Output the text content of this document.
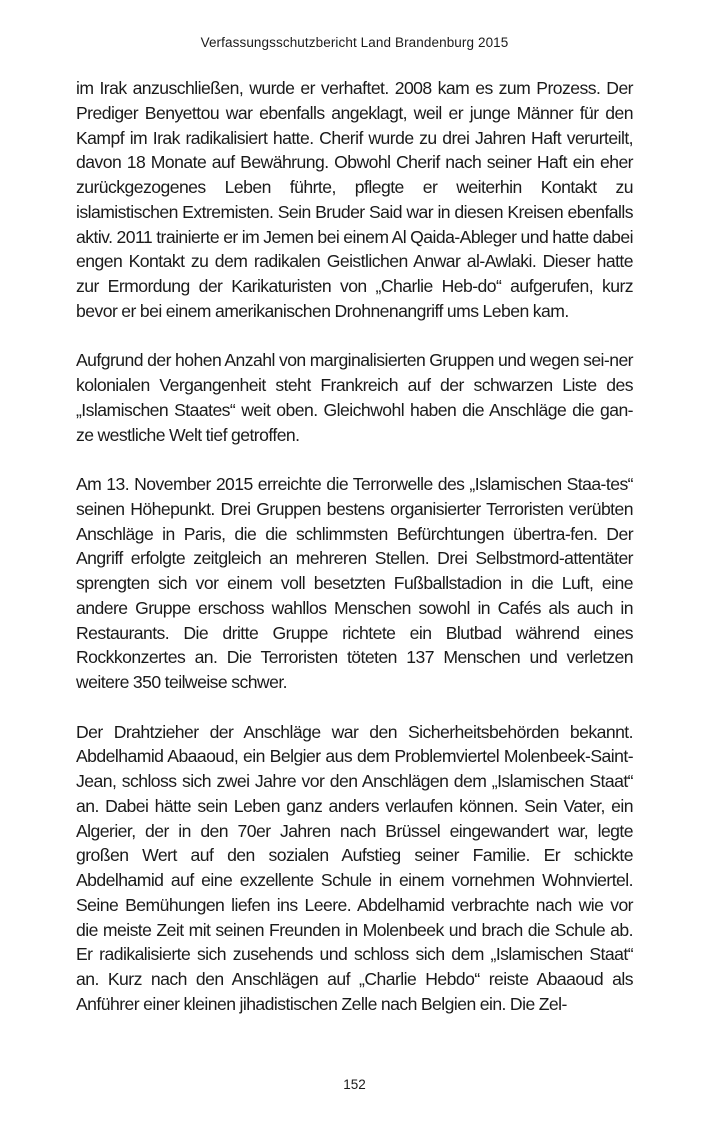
Verfassungsschutzbericht Land Brandenburg 2015

im Irak anzuschließen, wurde er verhaftet. 2008 kam es zum Prozess. Der Prediger Benyettou war ebenfalls angeklagt, weil er junge Männer für den Kampf im Irak radikalisiert hatte. Cherif wurde zu drei Jahren Haft verurteilt, davon 18 Monate auf Bewährung. Obwohl Cherif nach seiner Haft ein eher zurückgezogenes Leben führte, pflegte er weiterhin Kontakt zu islamistischen Extremisten. Sein Bruder Said war in diesen Kreisen ebenfalls aktiv. 2011 trainierte er im Jemen bei einem Al Qaida-Ableger und hatte dabei engen Kontakt zu dem radikalen Geistlichen Anwar al-Awlaki. Dieser hatte zur Ermordung der Karikaturisten von „Charlie Heb-do“ aufgerufen, kurz bevor er bei einem amerikanischen Drohnenangriff ums Leben kam.

Aufgrund der hohen Anzahl von marginalisierten Gruppen und wegen sei-ner kolonialen Vergangenheit steht Frankreich auf der schwarzen Liste des „Islamischen Staates“ weit oben. Gleichwohl haben die Anschläge die gan-ze westliche Welt tief getroffen.

Am 13. November 2015 erreichte die Terrorwelle des „Islamischen Staa-tes“ seinen Höhepunkt. Drei Gruppen bestens organisierter Terroristen verübten Anschläge in Paris, die die schlimmsten Befürchtungen übertra-fen. Der Angriff erfolgte zeitgleich an mehreren Stellen. Drei Selbstmord-attentäter sprengten sich vor einem voll besetzten Fußballstadion in die Luft, eine andere Gruppe erschoss wahllos Menschen sowohl in Cafés als auch in Restaurants. Die dritte Gruppe richtete ein Blutbad während eines Rockkonzertes an. Die Terroristen töteten 137 Menschen und verletzen weitere 350 teilweise schwer.

Der Drahtzieher der Anschläge war den Sicherheitsbehörden bekannt. Abdelhamid Abaaoud, ein Belgier aus dem Problemviertel Molenbeek-Saint-Jean, schloss sich zwei Jahre vor den Anschlägen dem „Islamischen Staat“ an. Dabei hätte sein Leben ganz anders verlaufen können. Sein Vater, ein Algerier, der in den 70er Jahren nach Brüssel eingewandert war, legte großen Wert auf den sozialen Aufstieg seiner Familie. Er schickte Abdelhamid auf eine exzellente Schule in einem vornehmen Wohnviertel. Seine Bemühungen liefen ins Leere. Abdelhamid verbrachte nach wie vor die meiste Zeit mit seinen Freunden in Molenbeek und brach die Schule ab. Er radikalisierte sich zusehends und schloss sich dem „Islamischen Staat“ an. Kurz nach den Anschlägen auf „Charlie Hebdo“ reiste Abaaoud als Anführer einer kleinen jihadistischen Zelle nach Belgien ein. Die Zel-

152
